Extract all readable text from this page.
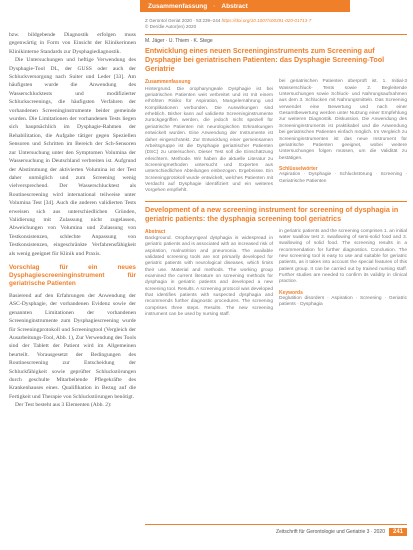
bzw. bildgebende Diagnostik erfolgen muss gegenwärtig in Form von Einsicht der Klinikerinnen Klinikinterne Standards zur Dysphagiediagnostik.

Die Untersuchungen und heftige Verwendung des Dysphagie-Tool DL, der GUSS oder auch der Schluckversorgung nach Suiter und Leder [33]. Am häufigsten wurde die Anwendung des Wasserschlucktests und modifizierter Schluckscreenings, die häufigsten Verfahren der vorhandenen Screeninginstrumente beider gemeinde wurden. Die Limitationen der vorhandenen Tests liegen sich hauptsächlich im Dysphagie-Rahmen der Rehabilitation, die Aufgabe tätiger gegen Speziellen Sensoren und Schritten im Bereich der Sch-Sensoren zur Untersuchung unter den Symptomen Volumina der Wassersuchung in Deutschland verbreiten ist. Aufgrund der Abstimmung der aktivierten Volumina ist der Test daher unmöglich und zum Screening wenig vielversprechend. Der Wasserschlucktest als Routinescreening wird international teilweise unter Volumina Test [34]. Auch die anderen validierten Tests erweisen sich aus unterschiedlichen Gründen, Validierung mit Zulassung nicht zugelassen, Abweichungen von Volumina und Zulassung von Testkonsistenzen, schlechte Anpassung von Testkonsistenzen, eingeschränkte Verfahrensfähigkeit als wenig geeignet für Klinik und Praxis.

Vorschlag für ein neues Dysphagiescreeninginstrument für geriatrische Patienten

Basierend auf den Erfahrungen der Anwendung der ASC-Dysphagie, der vorhandenen Evidenz sowie der genannten Limitationen der vorhandenen Screeninginstrumente zum Dysphagiescreening wurde für Screeningprotokoll und Screeningtool (Vergleich der Ausarbeitungs-Tool, Abb. 1), Zur Verwendung des Tools sind der Tablett der Patient wird im Allgemeinen beurteilt. Vorausgesetzt der Bedingungen des Routinescreening zur Entscheidung der Schluckfähigkeit sowie geprüfter Schluckstörungen durch geschulte Mitarbeitende Pflegekräfte des Krankenhauses eines. Qualifikation in Bezug auf die Fertigkeit und Therapie von Schluckstörungen benötigt.

Der Test besteht aus 3 Elementen (Abb. 2):

Zusammenfassung · Abstract
Z Gerontol Geriat 2020 · 53:239–244 https://doi.org/10.1007/s00391-020-01713-7
© Der/die Autor(en) 2020
M. Jäger · U. Thiem · K. Stege
Entwicklung eines neuen Screeninginstruments zum Screening auf Dysphagie bei geriatrischen Patienten: das Dysphagie Screening-Tool Geriatrie
Zusammenfassung
Hintergrund. Die oropharyngeale Dysphagie ist bei geriatrischen Patienten weit verbreitet und ist mit einem erhöhten Risiko für Aspiration, Mangelernährung und Komplikationen verbunden. Die Auswirkungen sind erheblich. Bisher kann auf validierte Screeninginstrumente zurückgegriffen werden, die jedoch nicht speziell für geriatrische Patienten mit neurologischen Erkrankungen entwickelt wurden. Eine Anwendung der Instrumente ist daher eingeschränkt. Zur Entwicklung einer gemeinsamen Arbeitsgruppe ist die Dysphagie geriatrischer Patienten (DSC) zu untersuchen. Dieser Test soll die Einschätzung erleichtern. Methode. Wir haben die aktuelle Literatur zu Screeningmethoden untersucht und Experten aus unterschiedlichen Abteilungen einbezogen. Ergebnisse. Ein Screeningprotokoll wurde entwickelt, welches Patienten mit Verdacht auf Dysphagie identifiziert und ein weiteres Vorgehen empfiehlt.
bei geriatrischen Patienten überprüft ist. 1. Initial-3 Wasserschluck- Tests sowie 2. Begleitende Untersuchungen sowie Schluck- und Nahrungsaufnahmen aus dem 3. Schlucken mit Nahrungsmitteln. Das Screening verwendet eine Bewertung und nach einer Gesamtbewertung werden unter Nutzung einer Empfehlung zur weiteren Diagnostik. Diskussion. Die Anwendung des Screeninginstruments ist praktikabel und die Anwendung bei geriatrischen Patienten einfach möglich. Im Vergleich zu Screeninginstrumenten ist das neue Instrument für geriatrische Patienten geeignet, wobei weitere Untersuchungen folgen müssen, um die Validität zu bestätigen.
Schlüsselwörter
Aspiration · Dysphagie · Schluckstörung · Screening · Geriatrische Patienten
Development of a new screening instrument for screening of dysphagia in geriatric patients: the dysphagia screening tool geriatrics
Abstract
Background. Oropharyngeal dysphagia is widespread in geriatric patients and is associated with an increased risk of aspiration, malnutrition and pneumonia. The available validated screening tools are not primarily developed for geriatric patients with neurological diseases, which limits their use. Material and methods. The working group examined the current literature on screening methods for dysphagia in geriatric patients and developed a new screening tool. Results. A screening protocol was developed that identifies patients with suspected dysphagia and recommends further diagnostic procedures. The screening comprises three steps. Results. The new screening instrument can be used by nursing staff.
in geriatric patients and the screening comprises 1. an initial water swallow test 2. swallowing of semi-solid food and 3. swallowing of solid food. The screening results in a recommendation for further diagnostics. Conclusion. The new screening tool is easy to use and suitable for geriatric patients, as it takes into account the special features of this patient group. It can be carried out by trained nursing staff. Further studies are needed to confirm its validity in clinical practice.
Keywords
Deglutition disorders · Aspiration · Screening · Geriatric patients · Dysphagia
Zeitschrift für Gerontologie und Geriatrie 3 · 2020	241
